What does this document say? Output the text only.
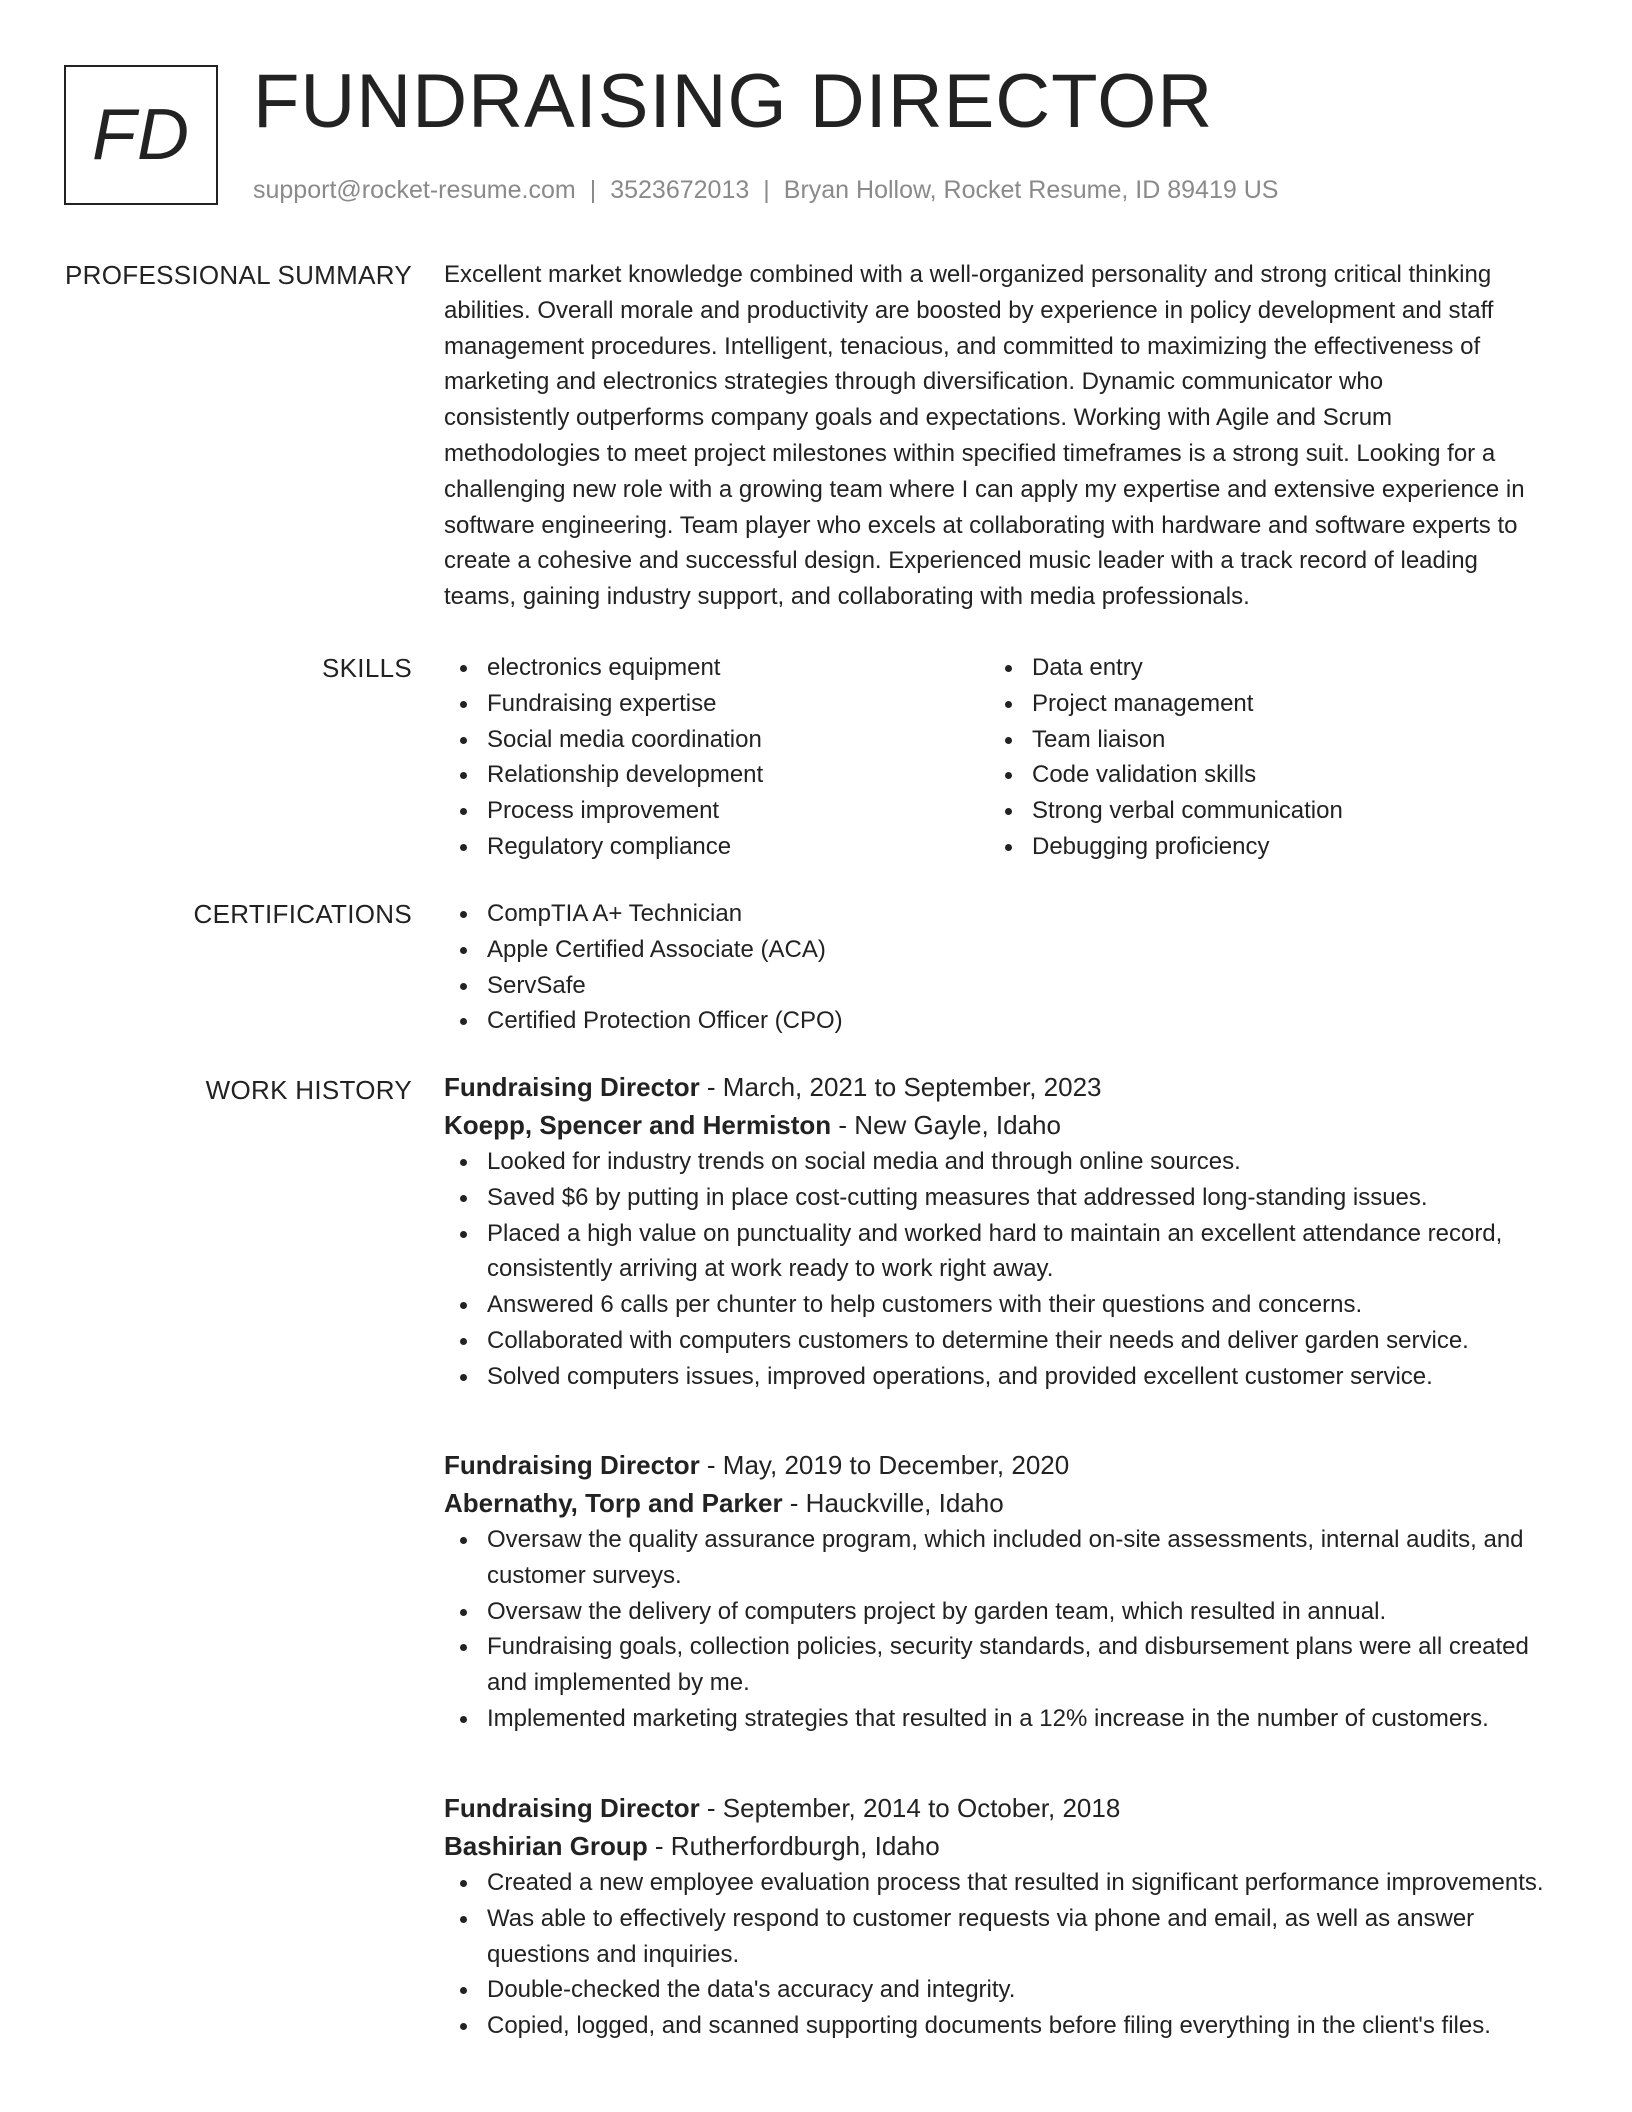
FD FUNDRAISING DIRECTOR
support@rocket-resume.com | 3523672013 | Bryan Hollow, Rocket Resume, ID 89419 US
PROFESSIONAL SUMMARY Excellent market knowledge combined with a well-organized personality and strong critical thinking
abilities. Overall morale and productivity are boosted by experience in policy development and staff
management procedures. Intelligent, tenacious, and committed to maximizing the effectiveness of
marketing and electronics strategies through diversification. Dynamic communicator who
consistently outperforms company goals and expectations. Working with Agile and Scrum
methodologies to meet project milestones within specified timeframes is a strong suit. Looking for a
challenging new role with a growing team where I can apply my expertise and extensive experience in
software engineering. Team player who excels at collaborating with hardware and software experts to
create a cohesive and successful design. Experienced music leader with a track record of leading
teams, gaining industry support, and collaborating with media professionals.
SKILLS	electronics equipment
Fundraising expertise
Social media coordination
Relationship development
Process improvement
Regulatory compliance
Data entry
Project management
Team liaison
Code validation skills
Strong verbal communication
Debugging proficiency
CERTIFICATIONS	CompTIA A+ Technician
Apple Certified Associate (ACA)
ServSafe
Certified Protection Officer (CPO)
WORK HISTORY Fundraising Director - March, 2021 to September, 2023
Koepp, Spencer and Hermiston - New Gayle, Idaho
Looked for industry trends on social media and through online sources.
Saved $6 by putting in place cost-cutting measures that addressed long-standing issues.
Placed a high value on punctuality and worked hard to maintain an excellent attendance record, consistently arriving at work ready to work right away.
Answered 6 calls per chunter to help customers with their questions and concerns.
Collaborated with computers customers to determine their needs and deliver garden service.
Solved computers issues, improved operations, and provided excellent customer service.
Fundraising Director - May, 2019 to December, 2020
Abernathy, Torp and Parker - Hauckville, Idaho
Oversaw the quality assurance program, which included on-site assessments, internal audits, and customer surveys.
Oversaw the delivery of computers project by garden team, which resulted in annual.
Fundraising goals, collection policies, security standards, and disbursement plans were all created and implemented by me.
Implemented marketing strategies that resulted in a 12% increase in the number of customers.
Fundraising Director - September, 2014 to October, 2018
Bashirian Group - Rutherfordburgh, Idaho
Created a new employee evaluation process that resulted in significant performance improvements.
Was able to effectively respond to customer requests via phone and email, as well as answer questions and inquiries.
Double-checked the data's accuracy and integrity.
Copied, logged, and scanned supporting documents before filing everything in the client's files.
